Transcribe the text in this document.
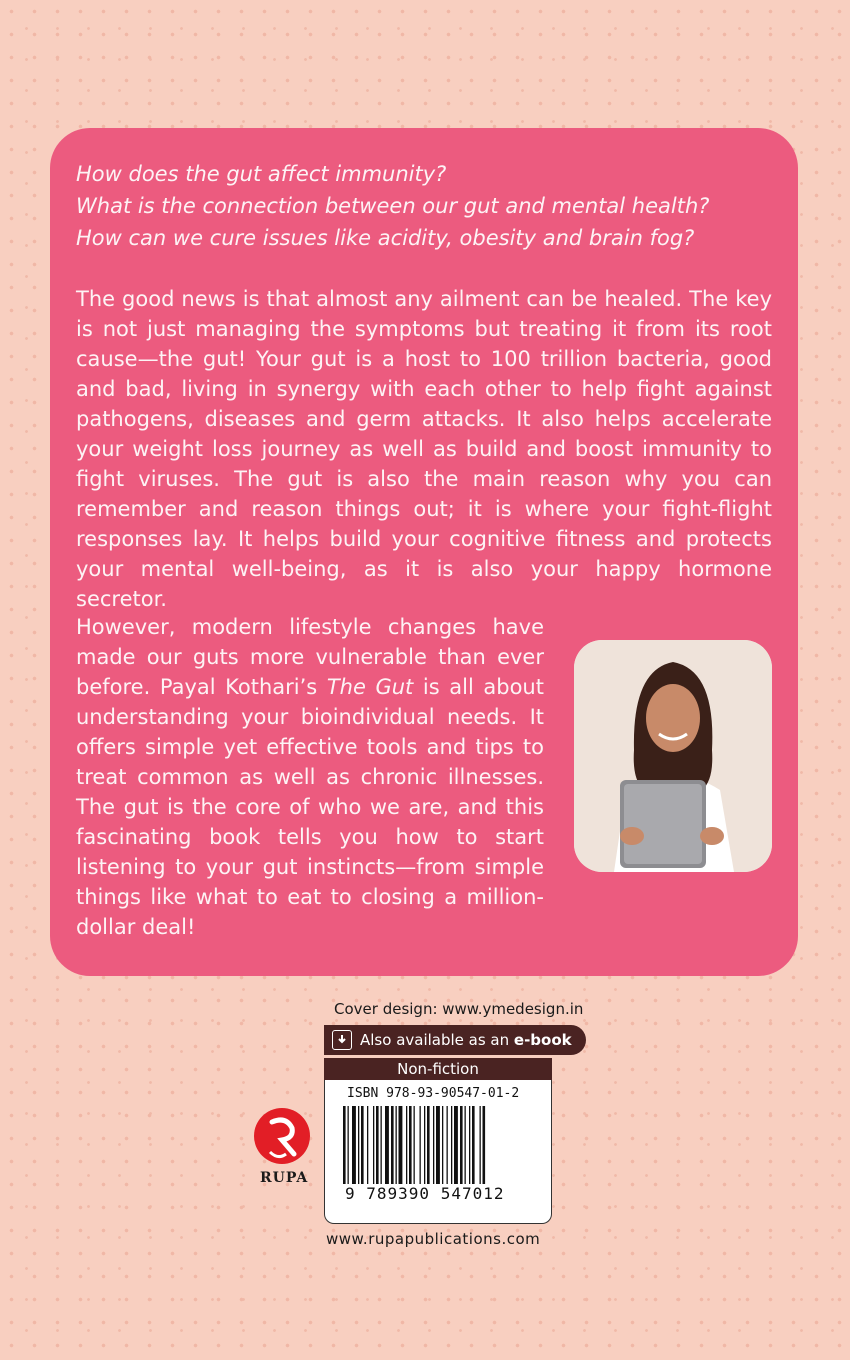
How does the gut affect immunity?
What is the connection between our gut and mental health?
How can we cure issues like acidity, obesity and brain fog?

The good news is that almost any ailment can be healed. The key is not just managing the symptoms but treating it from its root cause—the gut! Your gut is a host to 100 trillion bacteria, good and bad, living in synergy with each other to help fight against pathogens, diseases and germ attacks. It also helps accelerate your weight loss journey as well as build and boost immunity to fight viruses. The gut is also the main reason why you can remember and reason things out; it is where your fight-flight responses lay. It helps build your cognitive fitness and protects your mental well-being, as it is also your happy hormone secretor.

However, modern lifestyle changes have made our guts more vulnerable than ever before. Payal Kothari’s The Gut is all about understanding your bioindividual needs. It offers simple yet effective tools and tips to treat common as well as chronic illnesses. The gut is the core of who we are, and this fascinating book tells you how to start listening to your gut instincts—from simple things like what to eat to closing a million-dollar deal!

Cover design: www.ymedesign.in
Also available as an e-book
Non-fiction
ISBN 978-93-90547-01-2
9 789390 547012
www.rupapublications.com
RUPA
